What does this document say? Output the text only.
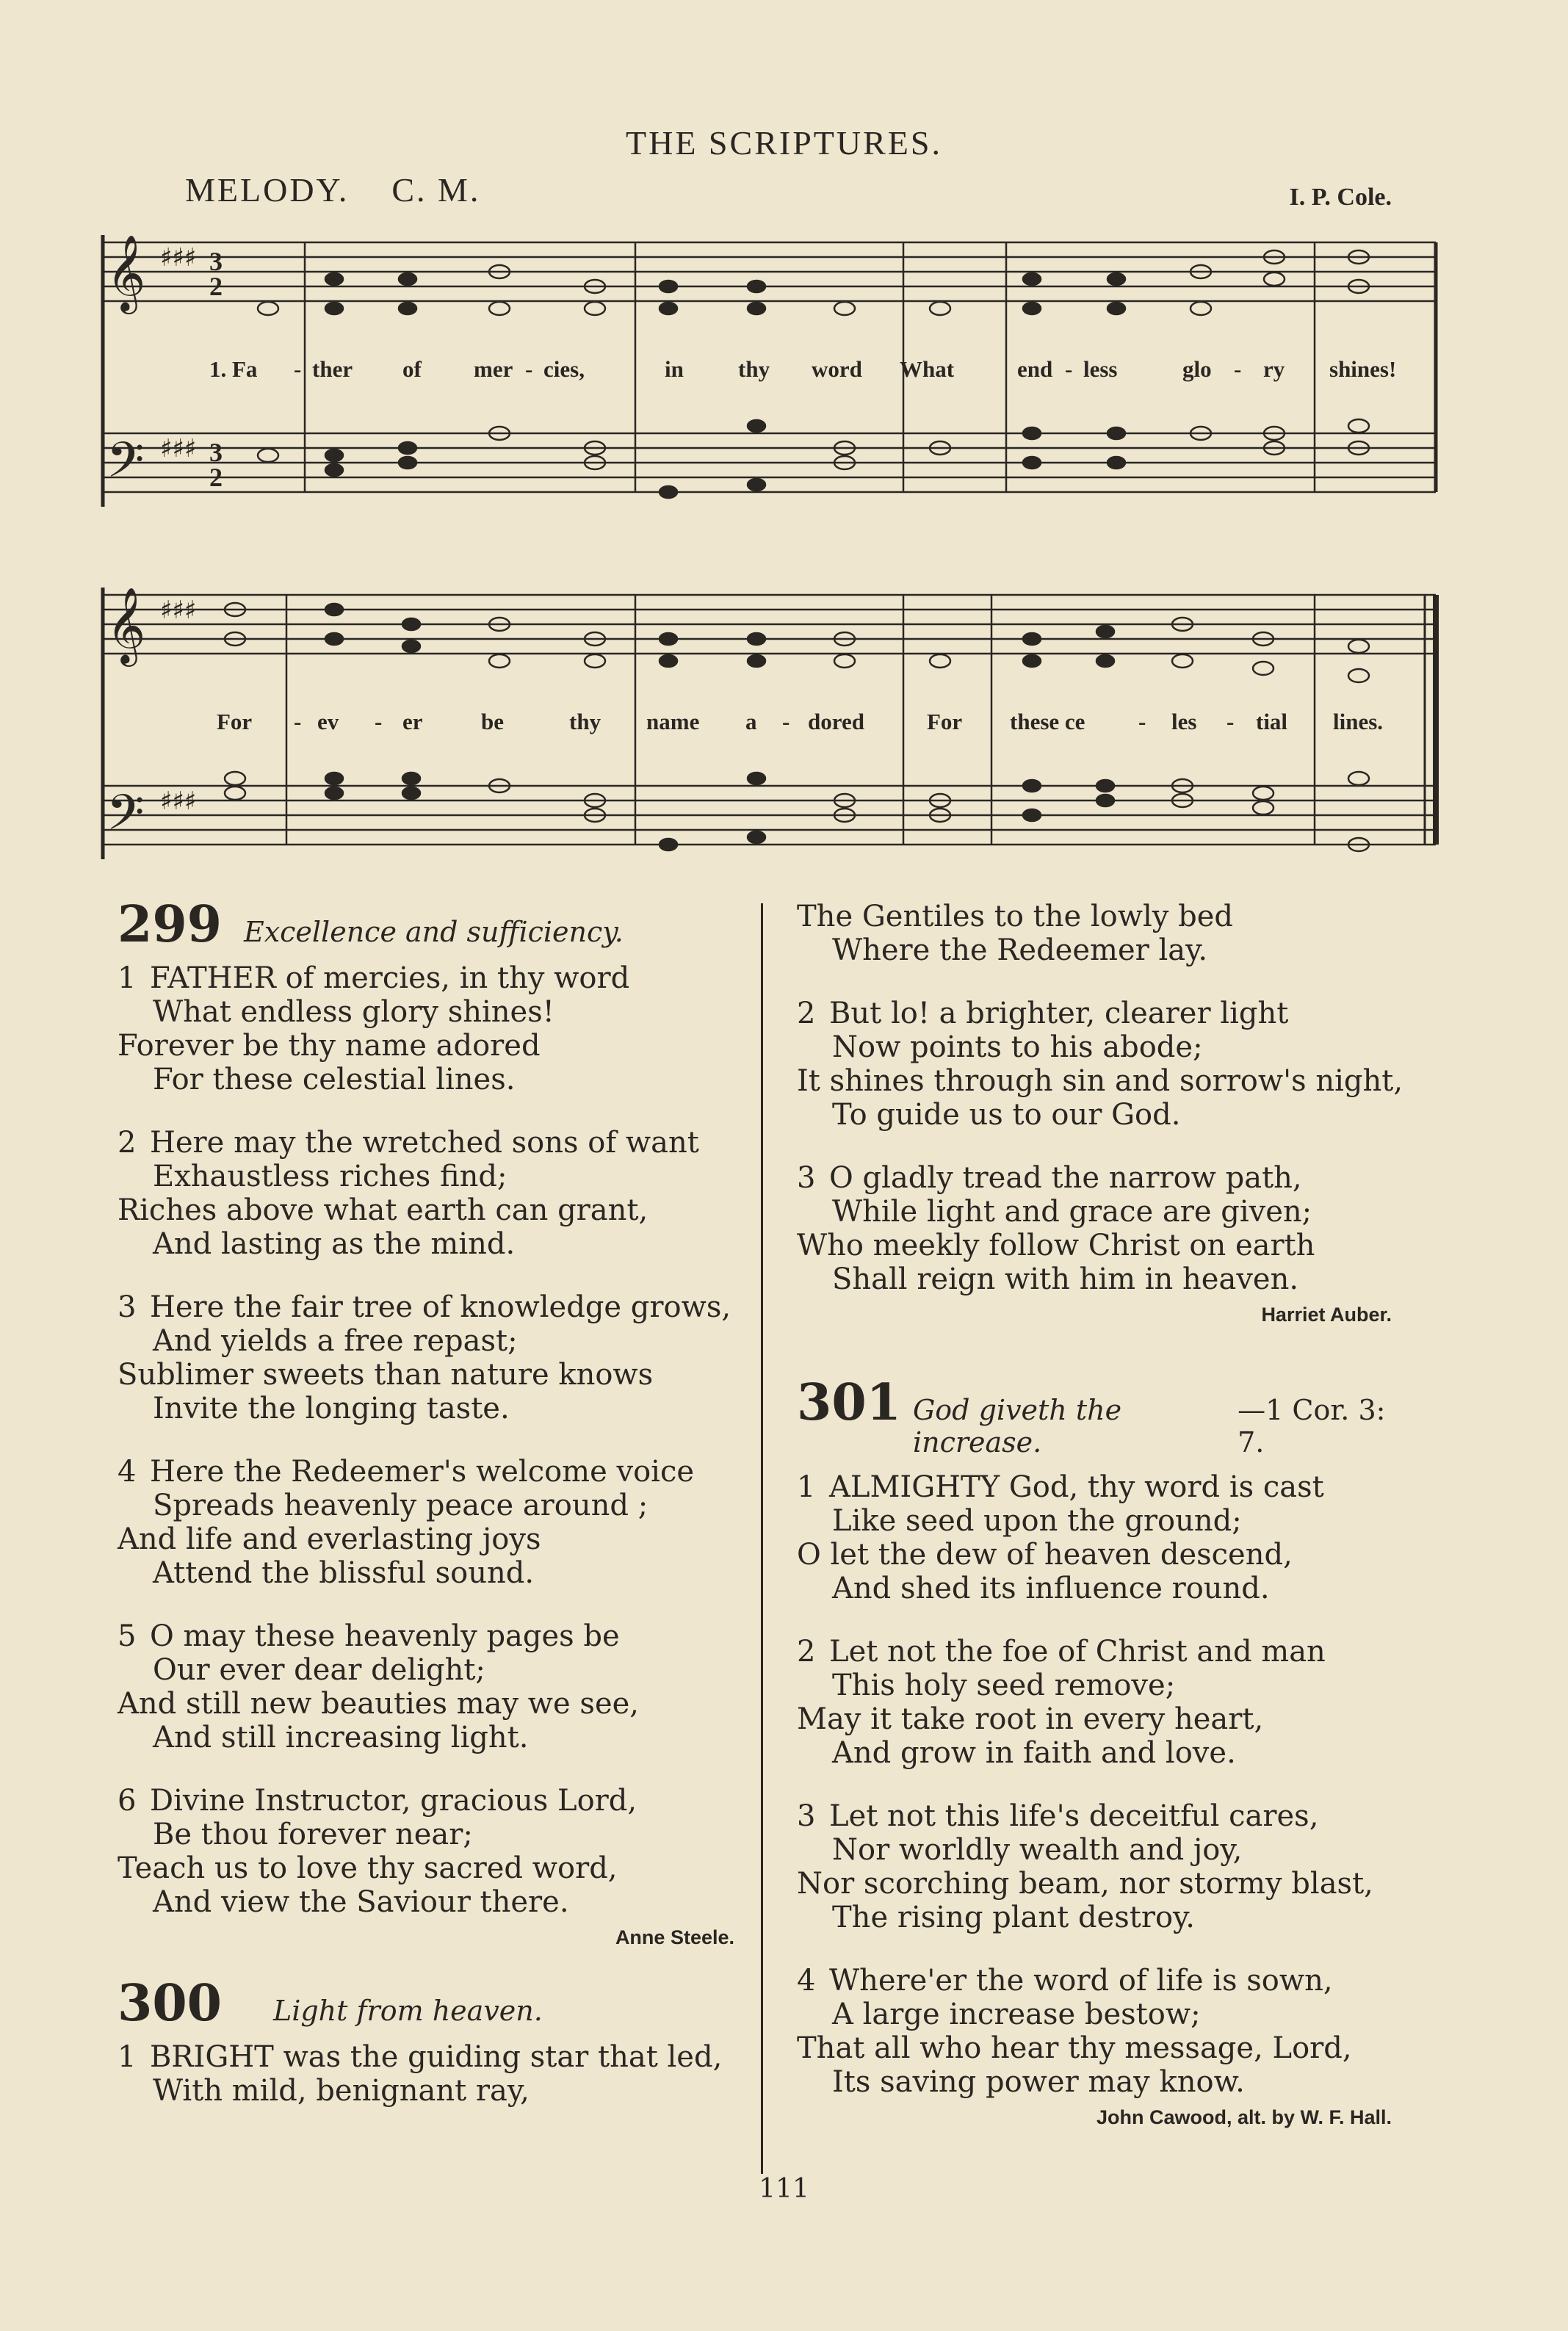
THE SCRIPTURES.
MELODY. C. M.	I. P. Cole.
𝄞
𝄢
♯♯♯
♯♯♯
3
2
3
2
1. Fa - ther of mer - cies,	in thy word What	end - less	glo - ry shines!
𝄞
𝄢
♯♯♯
♯♯♯
For - ev - er	be	thy name a - dored	For these ce - les - tial lines.
299 Excellence and sufficiency.
1 FATHER of mercies, in thy word
What endless glory shines!
Forever be thy name adored
For these celestial lines.
2 Here may the wretched sons of want
Exhaustless riches find;
Riches above what earth can grant,
And lasting as the mind.
3 Here the fair tree of knowledge grows,
And yields a free repast;
Sublimer sweets than nature knows
Invite the longing taste.
4 Here the Redeemer's welcome voice
Spreads heavenly peace around ;
And life and everlasting joys
Attend the blissful sound.
5 O may these heavenly pages be
Our ever dear delight;
And still new beauties may we see,
And still increasing light.
6 Divine Instructor, gracious Lord,
Be thou forever near;
Teach us to love thy sacred word,
And view the Saviour there.
Anne Steele.
300 Light from heaven.
1 BRIGHT was the guiding star that led,
With mild, benignant ray,
The Gentiles to the lowly bed
Where the Redeemer lay.
2 But lo! a brighter, clearer light
Now points to his abode;
It shines through sin and sorrow's night,
To guide us to our God.
3 O gladly tread the narrow path,
While light and grace are given;
Who meekly follow Christ on earth
Shall reign with him in heaven.
Harriet Auber.
301 God giveth the increase.
—1 Cor. 3: 7.
1 ALMIGHTY God, thy word is cast
Like seed upon the ground;
O let the dew of heaven descend,
And shed its influence round.
2 Let not the foe of Christ and man
This holy seed remove;
May it take root in every heart,
And grow in faith and love.
3 Let not this life's deceitful cares,
Nor worldly wealth and joy,
Nor scorching beam, nor stormy blast,
The rising plant destroy.
4 Where'er the word of life is sown,
A large increase bestow;
That all who hear thy message, Lord,
Its saving power may know.
John Cawood, alt. by W. F. Hall.
111
